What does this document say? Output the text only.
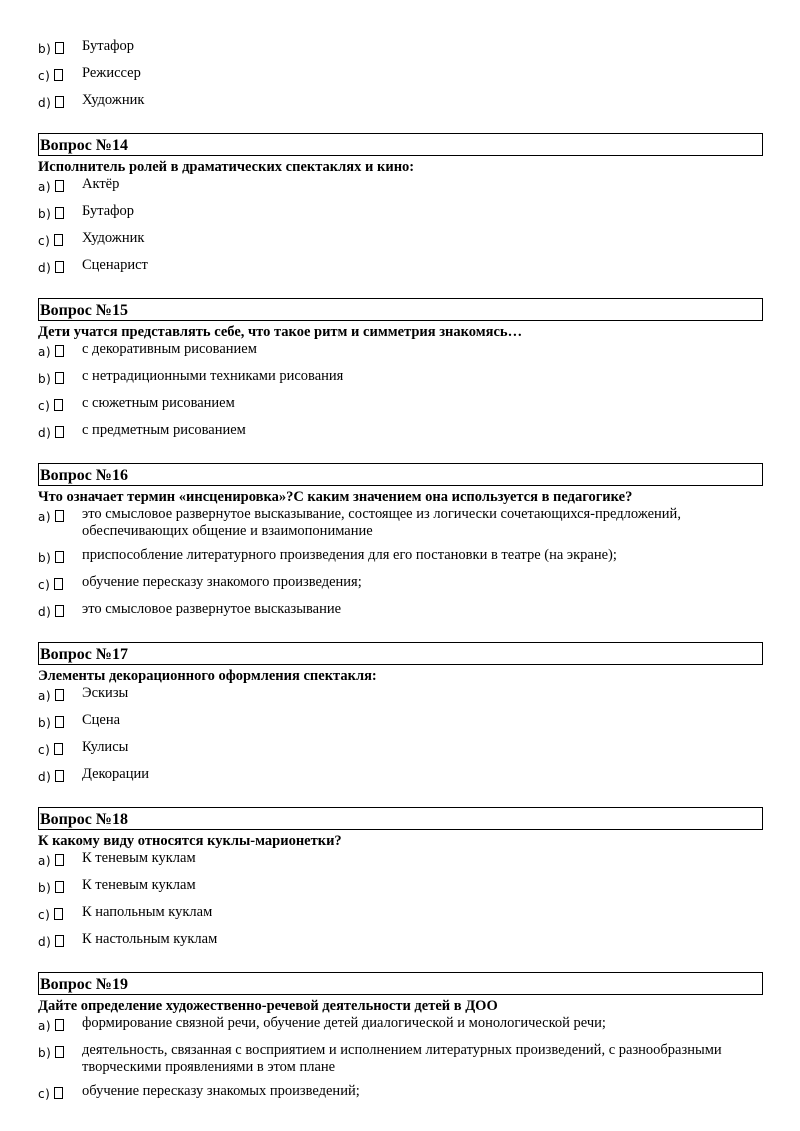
b)	Бутафор
c)	Режиссер
d)	Художник
Вопрос №14
Исполнитель ролей в драматических спектаклях и кино:
a)	Актёр
b)	Бутафор
c)	Художник
d)	Сценарист
Вопрос №15
Дети учатся представлять себе, что такое ритм и симметрия знакомясь…
a)	с декоративным рисованием
b)	с нетрадиционными техниками рисования
c)	с сюжетным рисованием
d)	с предметным рисованием
Вопрос №16
Что означает термин «инсценировка»?С каким значением она используется в педагогике?
a)	это смысловое развернутое высказывание, состоящее из логически сочетающихся-предложений, обеспечивающих общение и взаимопонимание
b)	приспособление литературного произведения для его постановки в театре (на экране);
c)	обучение пересказу знакомого произведения;
d)	это смысловое развернутое высказывание
Вопрос №17
Элементы декорационного оформления спектакля:
a)	Эскизы
b)	Сцена
c)	Кулисы
d)	Декорации
Вопрос №18
К какому виду относятся куклы-марионетки?
a)	К теневым куклам
b)	К теневым куклам
c)	К напольным куклам
d)	К настольным куклам
Вопрос №19
Дайте определение художественно-речевой деятельности детей в ДОО
a)	формирование связной речи, обучение детей диалогической и монологической речи;
b)	деятельность, связанная с восприятием и исполнением литературных произведений, с разнообразными творческими проявлениями в этом плане
c)	обучение пересказу знакомых произведений;
